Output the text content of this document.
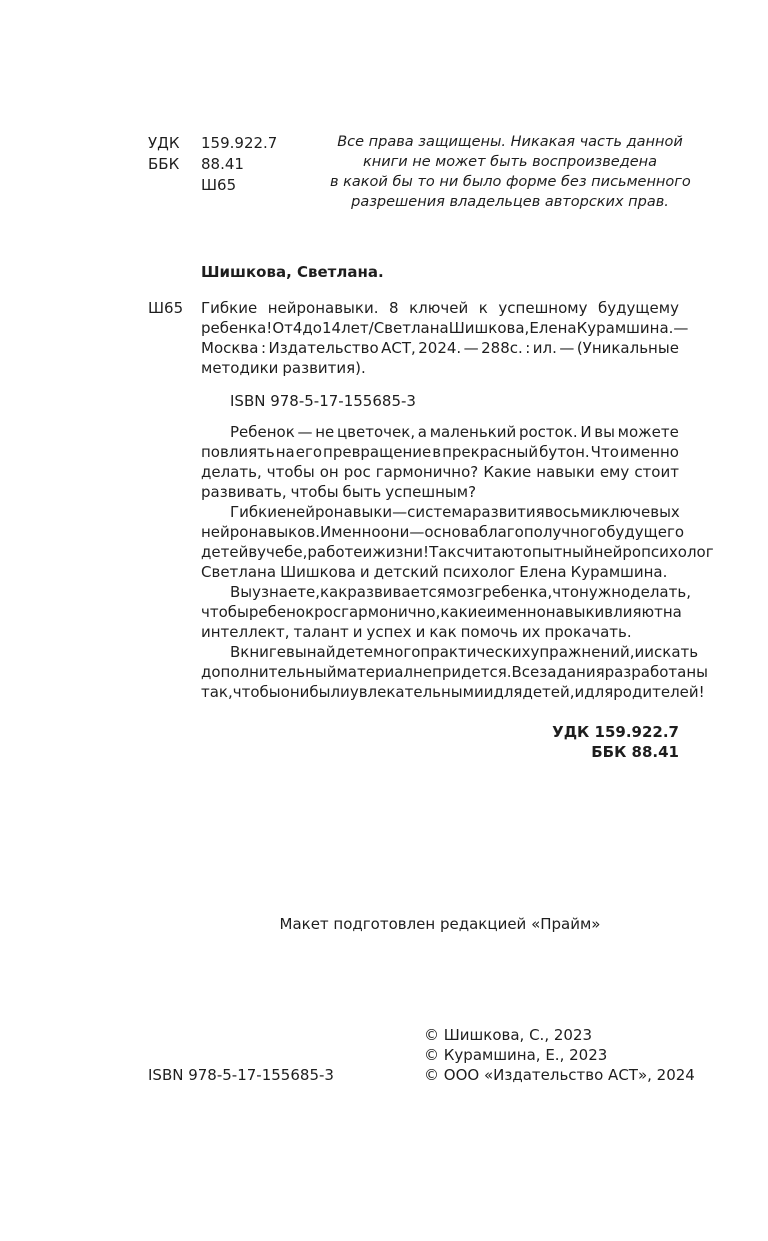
УДК	159.922.7
ББК	88.41
Ш65
Все права защищены. Никакая часть данной
книги не может быть воспроизведена
в какой бы то ни было форме без письменного
разрешения владельцев авторских прав.
Шишкова, Светлана.
Ш65 Гибкие нейронавыки. 8 ключей к успешному будущему
ребенка! От 4 до 14 лет / Светлана Шишкова, Елена Курамшина. —
Москва : Издательство АСТ, 2024. — 288с. : ил. — (Уникальные
методики развития).
ISBN 978-5-17-155685-3
Ребенок — не цветочек, а маленький росток. И вы можете
повлиять на его превращение в прекрасный бутон. Что именно
делать, чтобы он рос гармонично? Какие навыки ему стоит
развивать, чтобы быть успешным?
Гибкие нейронавыки — система развития восьми ключевых
нейронавыков. Именно они — основа благополучного будущего
детей в учебе, работе и жизни! Так считают опытный нейропсихолог
Светлана Шишкова и детский психолог Елена Курамшина.
Вы узнаете, как развивается мозг ребенка, что нужно делать,
чтобы ребенок рос гармонично, какие именно навыки влияют на
интеллект, талант и успех и как помочь их прокачать.
В книге вы найдете много практических упражнений, и искать
дополнительный материал не придется. Все задания разработаны
так, чтобы они были увлекательными и для детей, и для родителей!
УДК 159.922.7
ББК 88.41
Макет подготовлен редакцией «Прайм»
© Шишкова, С., 2023
© Курамшина, Е., 2023
© ООО «Издательство АСТ», 2024
ISBN 978-5-17-155685-3
